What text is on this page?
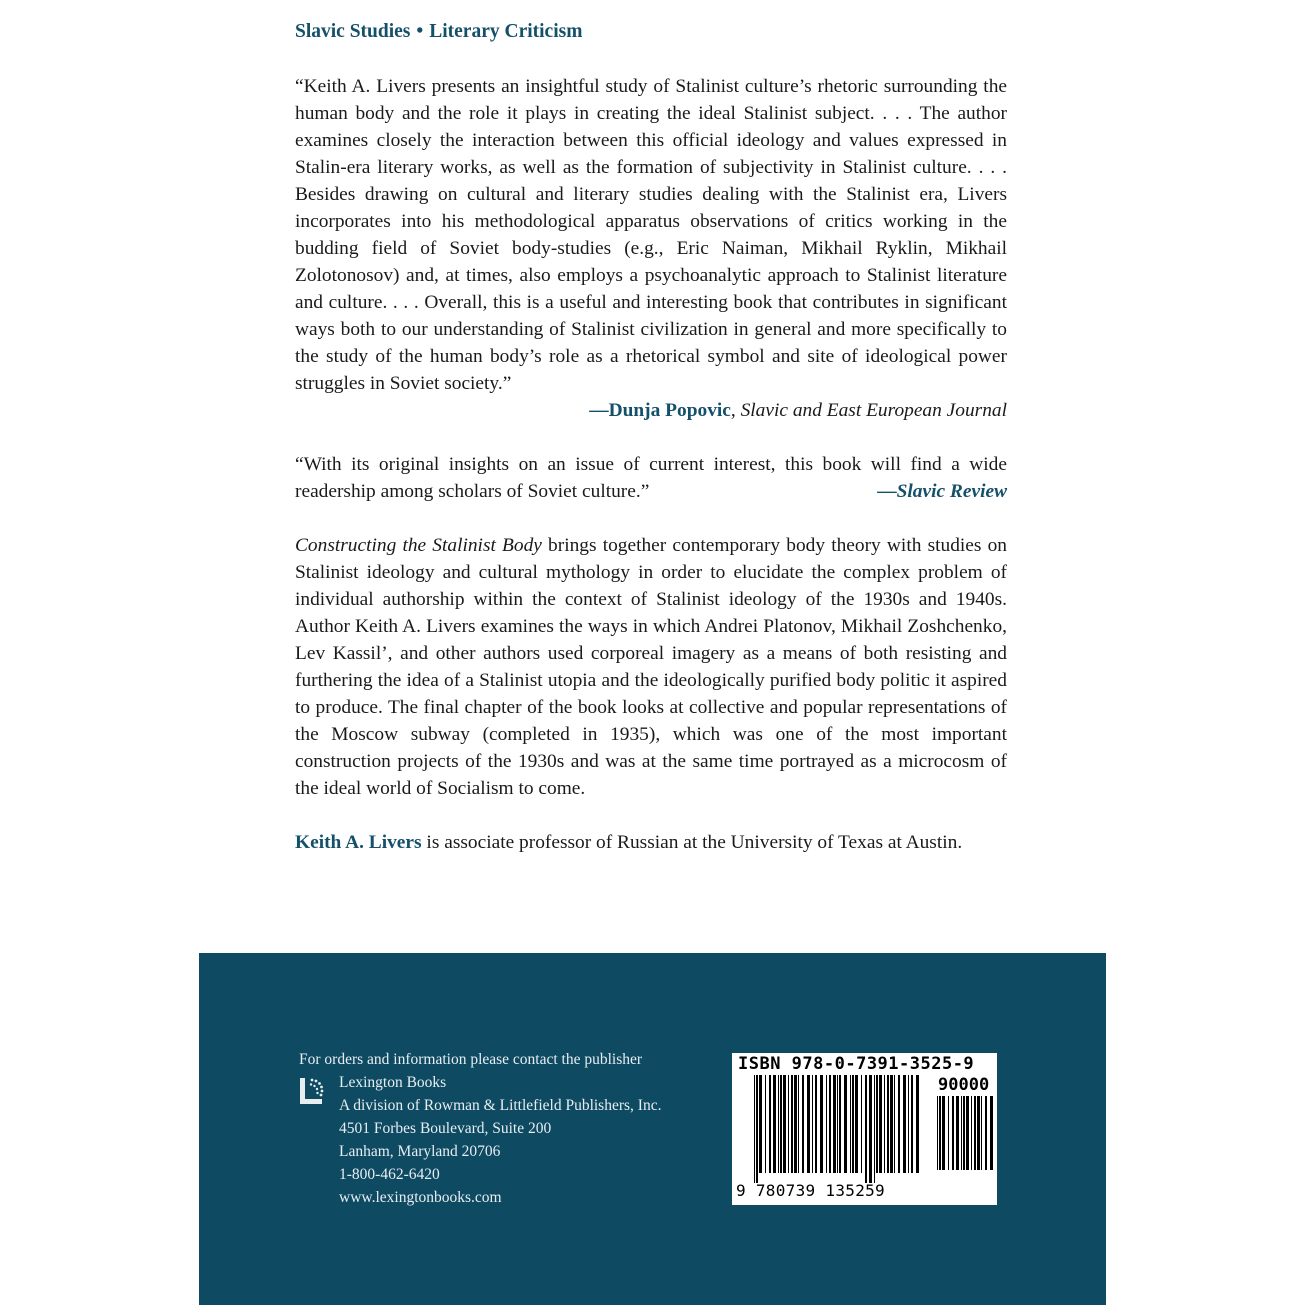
Slavic Studies • Literary Criticism

“Keith A. Livers presents an insightful study of Stalinist culture’s rhetoric surrounding the human body and the role it plays in creating the ideal Stalinist subject. . . . The author examines closely the interaction between this official ideology and values expressed in Stalin-era literary works, as well as the formation of subjectivity in Stalinist culture. . . . Besides drawing on cultural and literary studies dealing with the Stalinist era, Livers incorporates into his methodological apparatus observations of critics working in the budding field of Soviet body-studies (e.g., Eric Naiman, Mikhail Ryklin, Mikhail Zolotonosov) and, at times, also employs a psychoanalytic approach to Stalinist literature and culture. . . . Overall, this is a useful and interesting book that contributes in significant ways both to our understanding of Stalinist civilization in general and more specifically to the study of the human body’s role as a rhetorical symbol and site of ideological power struggles in Soviet society.”

—Dunja Popovic, Slavic and East European Journal

“With its original insights on an issue of current interest, this book will find a wide readership among scholars of Soviet culture.”	—Slavic Review

Constructing the Stalinist Body brings together contemporary body theory with studies on Stalinist ideology and cultural mythology in order to elucidate the complex problem of individual authorship within the context of Stalinist ideology of the 1930s and 1940s. Author Keith A. Livers examines the ways in which Andrei Platonov, Mikhail Zoshchenko, Lev Kassil’, and other authors used corporeal imagery as a means of both resisting and furthering the idea of a Stalinist utopia and the ideologically purified body politic it aspired to produce. The final chapter of the book looks at collective and popular representations of the Moscow subway (completed in 1935), which was one of the most important construction projects of the 1930s and was at the same time portrayed as a microcosm of the ideal world of Socialism to come.

Keith A. Livers is associate professor of Russian at the University of Texas at Austin.

For orders and information please contact the publisher
Lexington Books
A division of Rowman & Littlefield Publishers, Inc.
4501 Forbes Boulevard, Suite 200
Lanham, Maryland 20706
1-800-462-6420
www.lexingtonbooks.com
ISBN 978-0-7391-3525-9
90000
9 780739 135259
